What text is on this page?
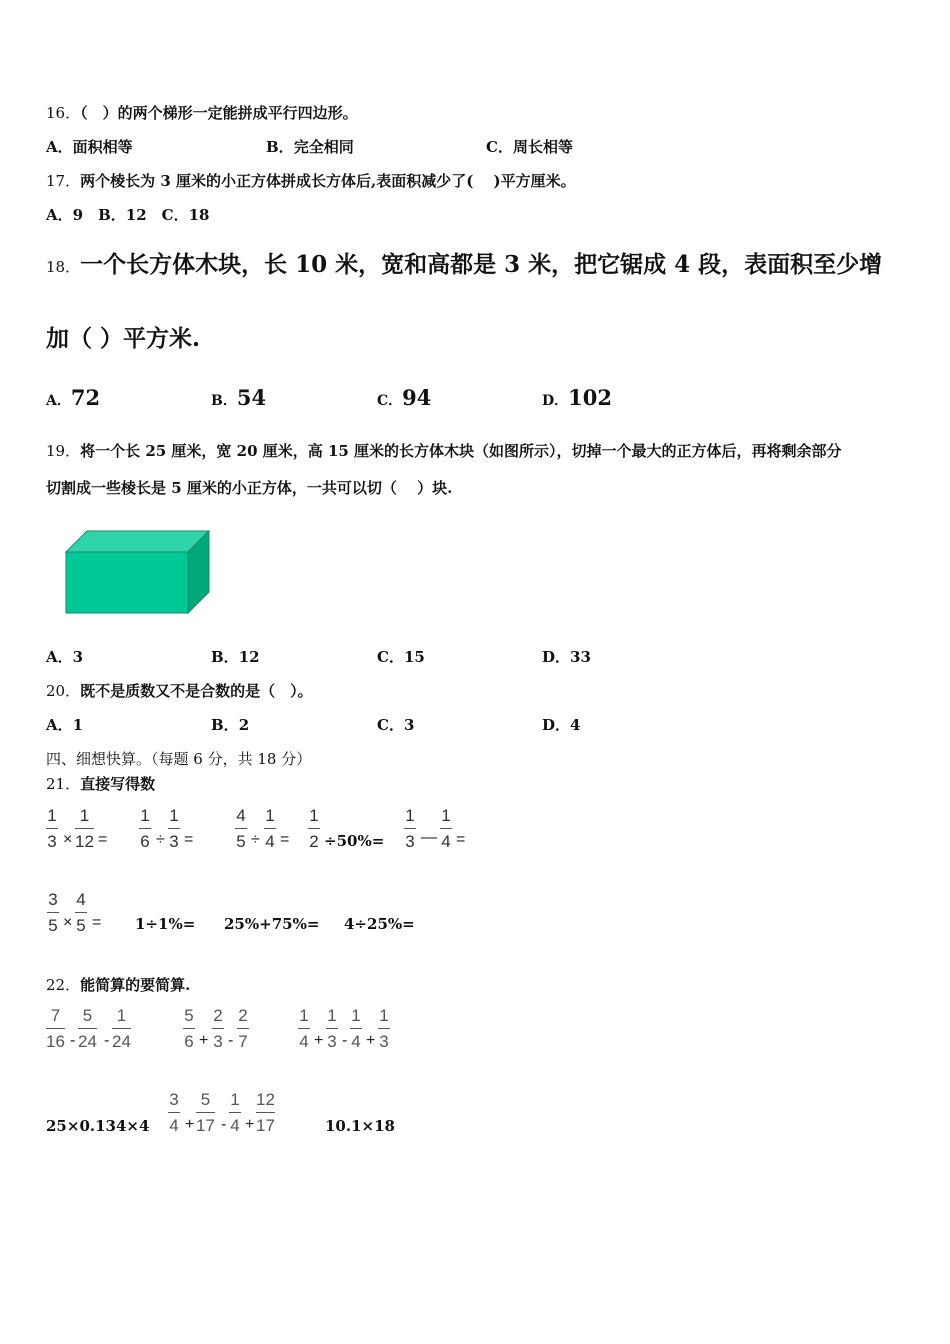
16．（　）的两个梯形一定能拼成平行四边形。
A．面积相等	B．完全相同	C．周长相等
17．两个棱长为 3 厘米的小正方体拼成长方体后,表面积减少了(　 )平方厘米。
A．9　B．12　C．18
18．一个长方体木块，长 10 米，宽和高都是 3 米，把它锯成 4 段，表面积至少增
加（ ）平方米.
A．72	B．54	C．94	D．102
19．将一个长 25 厘米，宽 20 厘米，高 15 厘米的长方体木块（如图所示），切掉一个最大的正方体后，再将剩余部分
切割成一些棱长是 5 厘米的小正方体，一共可以切（　 ）块.
A．3	B．12	C．15	D．33
20．既不是质数又不是合数的是（　）。
A．1	B．2	C．3	D．4
四、细想快算。（每题 6 分，共 18 分）
21．直接写得数
1
3 ×
1
12 =
1
6 ÷
1
3 =
4
5 ÷
1
4 =
1
2 ÷50%=
1
3 —
1
4 =
3
5 ×
4
5 = 1÷1%= 25%+75%= 4÷25%=
22．能简算的要简算.
7
16 -
5
24 -
1
24
5
6 +
2
3 -
2
7
1
4 +
1
3 -
1
4 +
1
3
25×0.134×4
3
4 +
5
17 -
1
4 +
12
17	10.1×18
